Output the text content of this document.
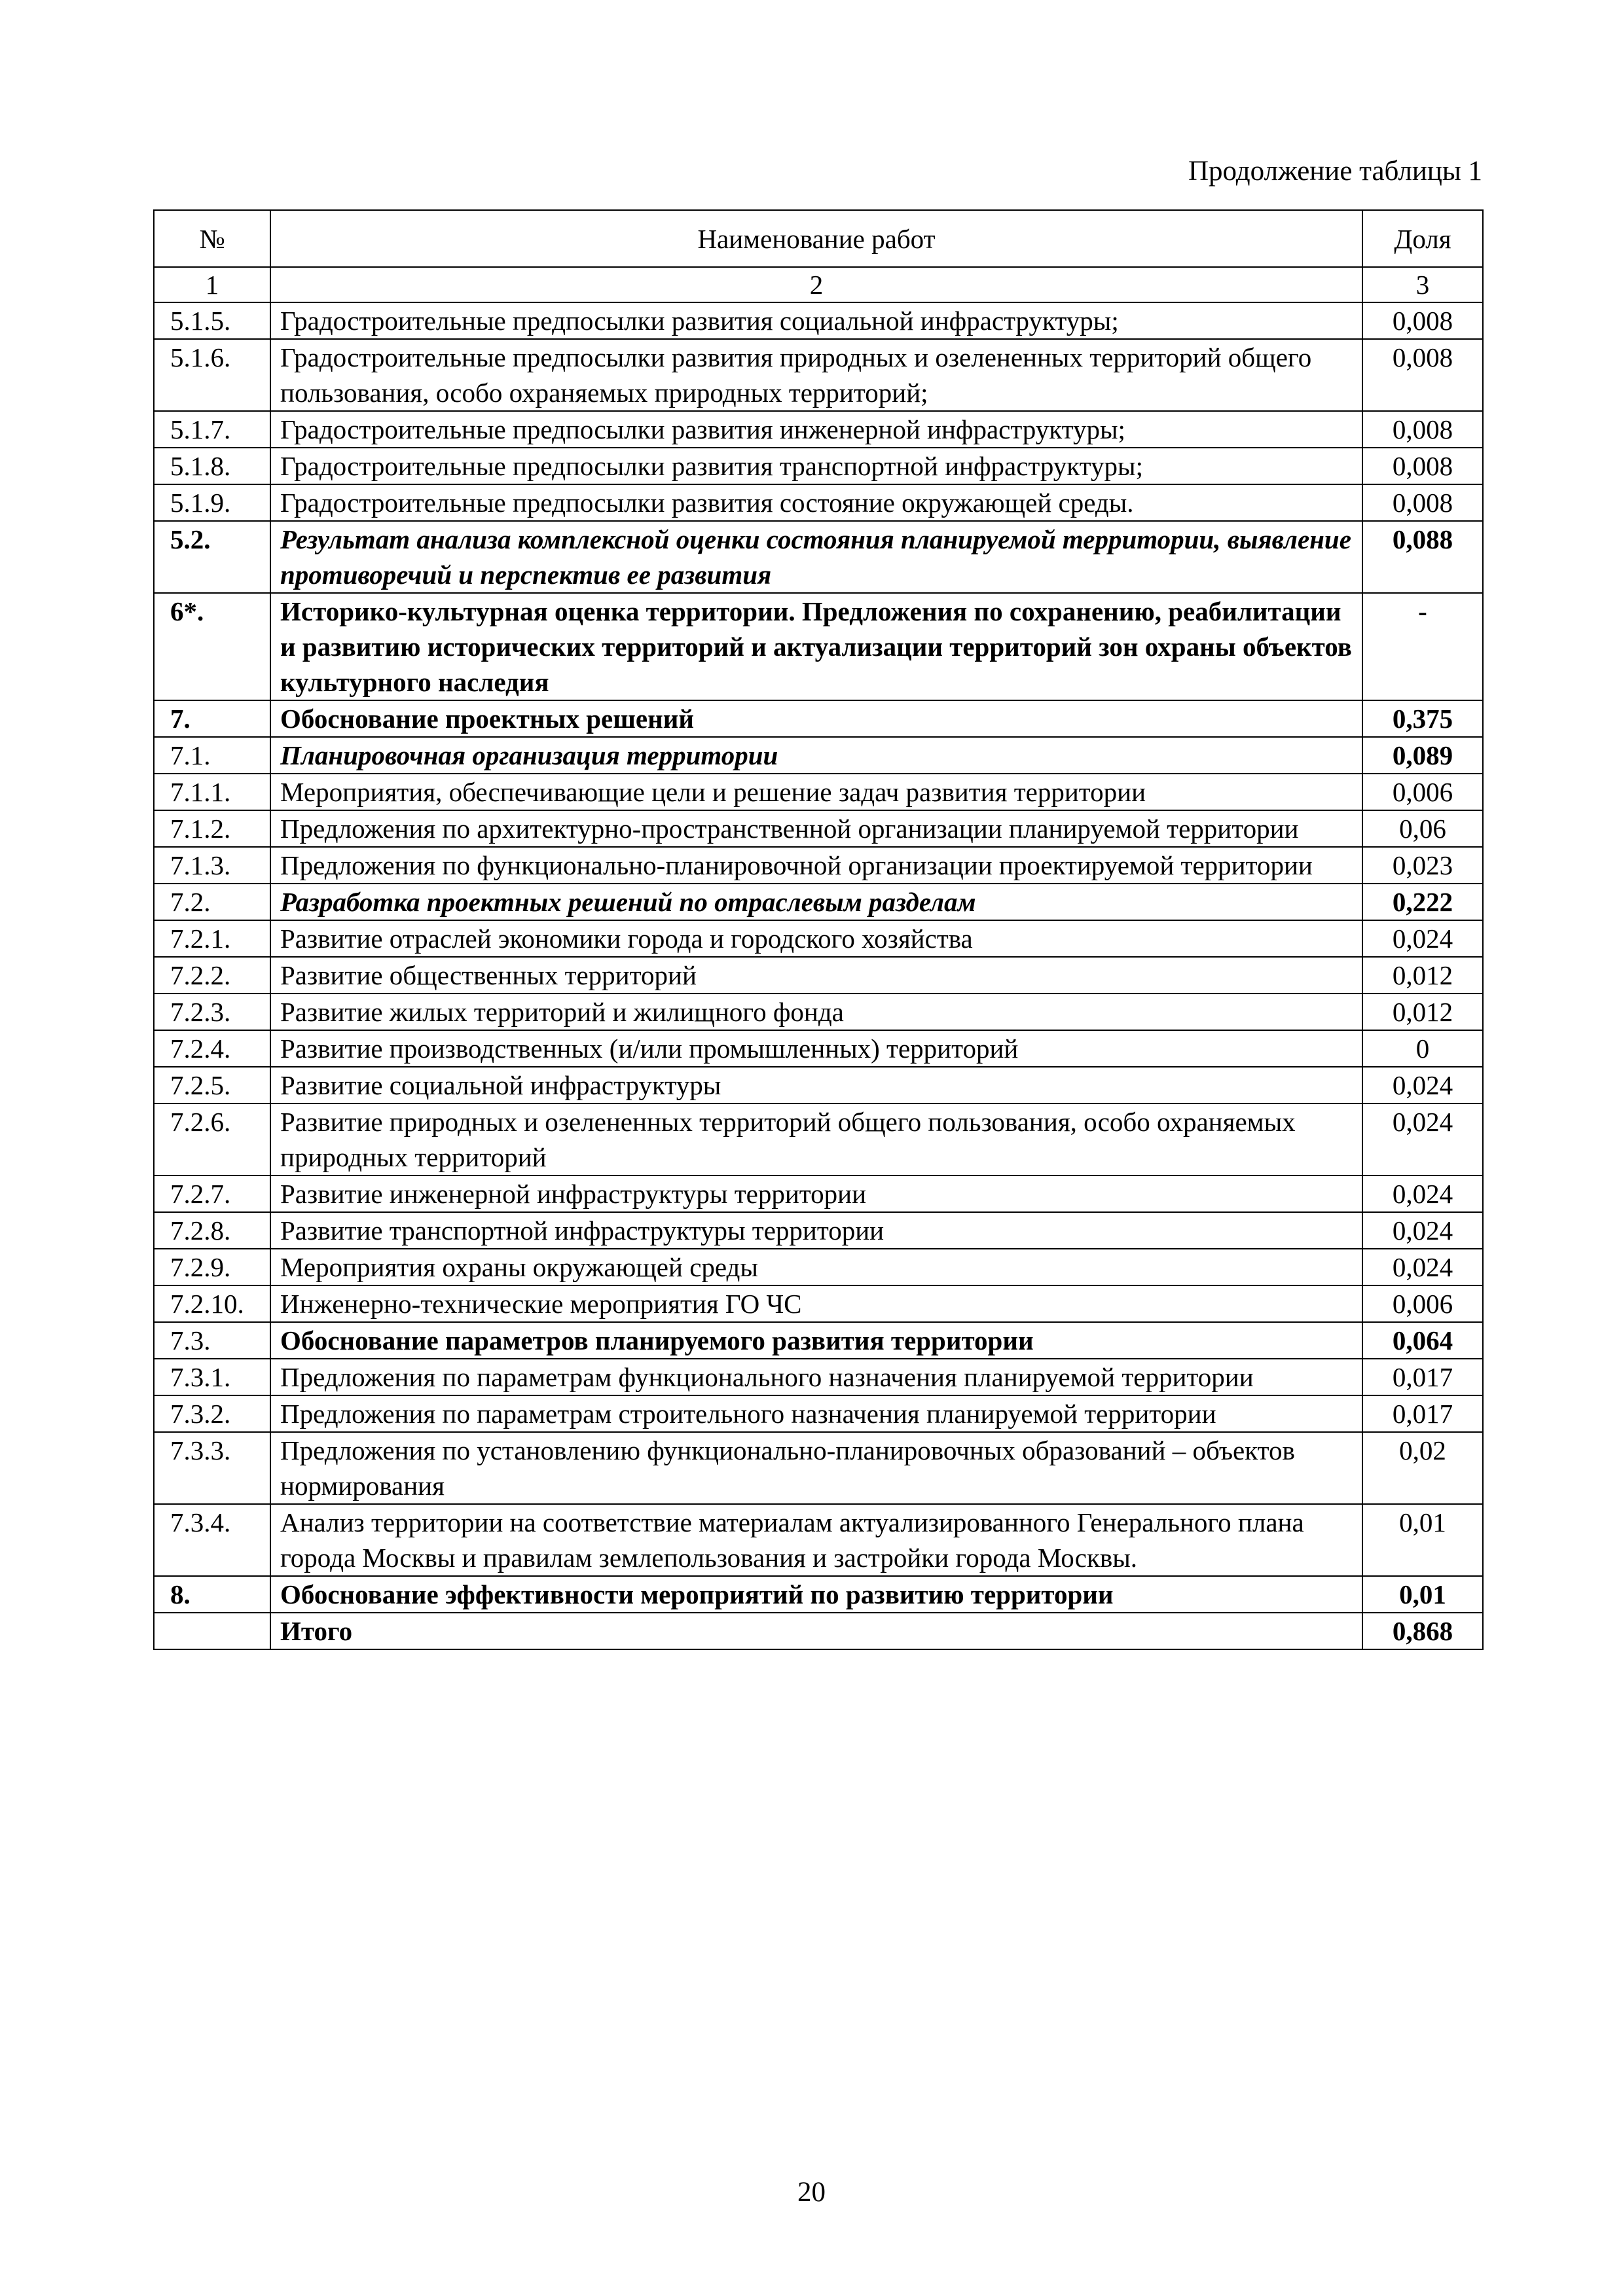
Продолжение таблицы 1
№	Наименование работ	Доля
1	2	3
5.1.5.	Градостроительные предпосылки развития социальной инфраструктуры;	0,008
5.1.6.	Градостроительные предпосылки развития природных и озелененных территорий общего пользования, особо охраняемых природных территорий;	0,008
5.1.7.	Градостроительные предпосылки развития инженерной инфраструктуры;	0,008
5.1.8.	Градостроительные предпосылки развития транспортной инфраструктуры;	0,008
5.1.9.	Градостроительные предпосылки развития состояние окружающей среды.	0,008
5.2.	Результат анализа комплексной оценки состояния планируемой территории, выявление противоречий и перспектив ее развития	0,088
6*.	Историко-культурная оценка территории. Предложения по сохранению, реабилитации и развитию исторических территорий и актуализации территорий зон охраны объектов культурного наследия	-
7.	Обоснование проектных решений	0,375
7.1.	Планировочная организация территории	0,089
7.1.1.	Мероприятия, обеспечивающие цели и решение задач развития территории	0,006
7.1.2.	Предложения по архитектурно-пространственной организации планируемой территории	0,06
7.1.3.	Предложения по функционально-планировочной организации проектируемой территории	0,023
7.2.	Разработка проектных решений по отраслевым разделам	0,222
7.2.1.	Развитие отраслей экономики города и городского хозяйства	0,024
7.2.2.	Развитие общественных территорий	0,012
7.2.3.	Развитие жилых территорий и жилищного фонда	0,012
7.2.4.	Развитие производственных (и/или промышленных) территорий	0
7.2.5.	Развитие социальной инфраструктуры	0,024
7.2.6.	Развитие природных и озелененных территорий общего пользования, особо охраняемых природных территорий	0,024
7.2.7.	Развитие инженерной инфраструктуры территории	0,024
7.2.8.	Развитие транспортной инфраструктуры территории	0,024
7.2.9.	Мероприятия охраны окружающей среды	0,024
7.2.10.	Инженерно-технические мероприятия ГО ЧС	0,006
7.3.	Обоснование параметров планируемого развития территории	0,064
7.3.1.	Предложения по параметрам функционального назначения планируемой территории	0,017
7.3.2.	Предложения по параметрам строительного назначения планируемой территории	0,017
7.3.3.	Предложения по установлению функционально-планировочных образований – объектов нормирования	0,02
7.3.4.	Анализ территории на соответствие материалам актуализированного Генерального плана города Москвы и правилам землепользования и застройки города Москвы.	0,01
8.	Обоснование эффективности мероприятий по развитию территории	0,01
	Итого	0,868
20
